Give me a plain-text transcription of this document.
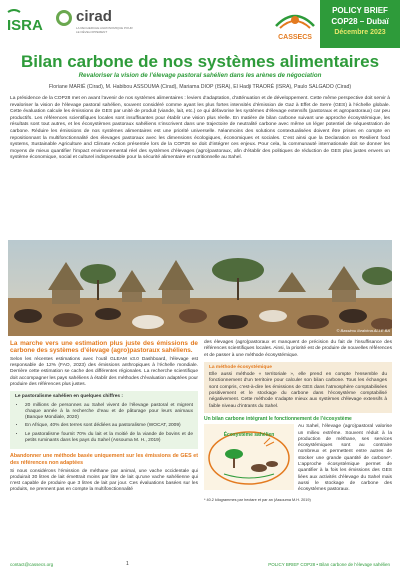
ISRA
cirad
LA RECHERCHE AGRONOMIQUE POUR LE DÉVELOPPEMENT
CASSECS
POLICY BRIEF
COP28 – Dubaï
Décembre 2023
Bilan carbone de nos systèmes alimentaires
Revaloriser la vision de l’élevage pastoral sahélien dans les arènes de négociation
Floriane MARIÉ (Cirad), M. Habibou ASSOUMA (Cirad), Mariama DIOP (ISRA), El Hadji TRAORÉ (ISRA), Paulo SALGADO (Cirad)
La présidence de la COP28 met en avant l’avenir de nos systèmes alimentaires : leviers d’adaptation, d’atténuation et de développement. Cette même perspective doit servir à revaloriser la vision de l’élevage pastoral sahélien, souvent considéré comme ayant les plus fortes intensités d’émission de Gaz à Effet de Serre (GES) à l’échelle globale. Cette évaluation calcule les émissions de GES par unité de produit (viande, lait, etc.) ce qui défavorise les systèmes d’élevage extensifs (pastoraux et agropastoraux) car peu productifs. Les références scientifiques locales sont insuffisantes pour établir une vision plus réelle. En matière de bilan carbone suivant une approche écosystémique, les résultats sont tout autres, et les écosystèmes pastoraux sahéliens s’inscrivent dans une trajectoire de neutralité carbone avec même un léger potentiel de séquestration de carbone. Réduire les émissions de nos systèmes alimentaires est une priorité universelle. Néanmoins des solutions contextualisées doivent être prises en compte en repositionnant la multifonctionnalité des élevages pastoraux avec les dimensions écologiques, économiques et sociales. C’est ainsi que la Declaration on Resilient food systems, Sustainable Agriculture and Climate Action présentée lors de la COP28 se doit d’intégrer ces enjeux. Pour cela, la communauté internationale doit se donner les moyens de mieux quantifier l’impact environnemental réel des systèmes d’élevages (agro)pastoraux, afin d’établir des politiques de réduction de GES plus justes envers un système économique, social et culturel indispensable pour la sécurité alimentaire et nutritionnelle au Sahel.
© Bassirou Ibrahima ALLE BA
La marche vers une estimation plus juste des émissions de carbone des systèmes d’élevage (agro)pastoraux sahéliens.
Selon les récentes estimations avec l’outil GLEAM v3.0 Dashboard, l’élevage est responsable de 12% (FAO, 2023) des émissions anthropiques à l’échelle mondiale. Derrière cette estimation se cache des différentes régionales. La recherche scientifique doit accompagner les pays sahéliens à établir des méthodes d’évaluation adaptées pour produire des références plus justes.
Le pastoralisme sahélien en quelques chiffres :
• 20 millions de personnes au Sahel vivent de l’élevage pastoral et migrent chaque année à la recherche d’eau et de pâturage pour leurs animaux (Banque Mondiale, 2020)
• En Afrique, 40% des terres sont dédiées au pastoralisme (WOCAT, 2009)
• Le pastoralisme fournit 70% du lait et la moitié de la viande de bovins et de petits ruminants dans les pays du Sahel (Assouma M. H., 2019)
Abandonner une méthode basée uniquement sur les émissions de GES et des références non adaptées
Si nous considérons l’émission de méthane par animal, une vache occidentale qui produirait 30 litres de lait émettrait moins par litre de lait qu’une vache sahélienne qui n’est capable de produire que 3 litres de lait par jour. Ces évaluations basées sur les produits, ne prennent pas en compte la multifonctionnalité
des élevages (agro)pastoraux et manquent de précision du fait de l’insuffisance des références scientifiques locales. Ainsi, la priorité est de produire de nouvelles références et de passer à une méthode écosystémique.
La méthode écosystémique
Elle aussi méthode « territoriale », elle prend en compte l’ensemble du fonctionnement d’un territoire pour calculer son bilan carbone. Tous les échanges sont compris, c’est-à-dire les émissions de GES dans l’atmosphère comptabilisées positivement et le stockage du carbone dans l’écosystème comptabilisé négativement. Cette méthode s’adapte mieux aux systèmes d’élevage extensifs à faible niveau d’intrants du Sahel.
Un bilan carbone intégrant le fonctionnement de l’écosystème
Écosystème sahélien
Au Sahel, l’élevage (agro)pastoral valorise un milieu extrême. Souvent réduit à la production de méthane, ses services écosystémiques sont au contraire nombreux et permettent entre autres de stocker une grande quantité de carbone*. L’approche écosystémique permet de quantifier à la fois les émissions des GES liées aux activités d’élevage du Sahel mais aussi le stockage de carbone des écosystèmes pastoraux.
* 40.2 kilogrammes par hectare et par an (Assouma M.H. 2019)
contact@cassecs.org	1	POLICY BRIEF COP28 • Bilan carbone de l’élevage sahélien
